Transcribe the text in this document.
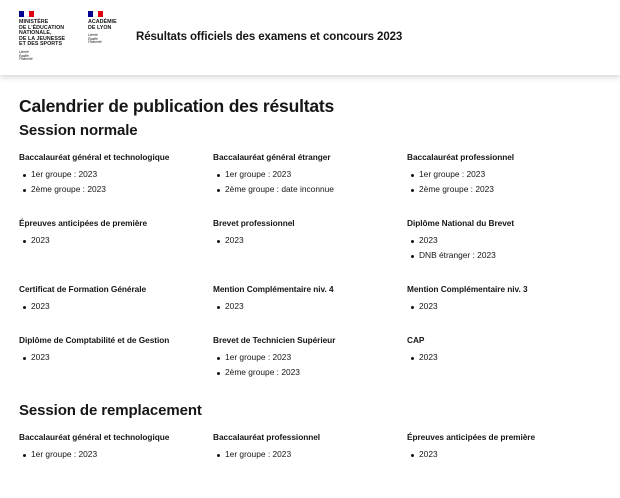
MINISTÈRE
DE L'ÉDUCATION
NATIONALE,
DE LA JEUNESSE
ET DES SPORTS
Liberté
Égalité
Fraternité
ACADÉMIE
DE LYON
Liberté
Égalité
Fraternité	Résultats officiels des examens et concours 2023
Calendrier de publication des résultats
Session normale
Baccalauréat général et technologique
1er groupe : 2023
2ème groupe : 2023
Baccalauréat général étranger
1er groupe : 2023
2ème groupe : date inconnue
Baccalauréat professionnel
1er groupe : 2023
2ème groupe : 2023
Épreuves anticipées de première
2023
Brevet professionnel
2023
Diplôme National du Brevet
2023
DNB étranger : 2023
Certificat de Formation Générale
2023
Mention Complémentaire niv. 4
2023
Mention Complémentaire niv. 3
2023
Diplôme de Comptabilité et de Gestion
2023
Brevet de Technicien Supérieur
1er groupe : 2023
2ème groupe : 2023
CAP
2023
Session de remplacement
Baccalauréat général et technologique
1er groupe : 2023
Baccalauréat professionnel
1er groupe : 2023
Épreuves anticipées de première
2023
